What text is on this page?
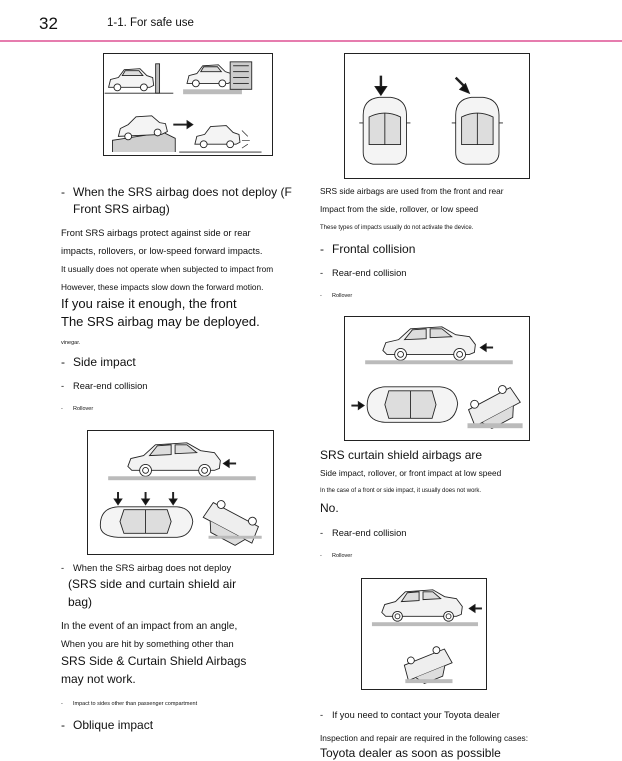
32	1-1. For safe use
- When the SRS airbag does not deploy (F
Front SRS airbag)
Front SRS airbags protect against side or rear
impacts, rollovers, or low-speed forward impacts.
It usually does not operate when subjected to impact from
However, these impacts slow down the forward motion.
If you raise it enough, the front
The SRS airbag may be deployed.
vinegar.
- Side impact
- Rear-end collision
- Rollover
- When the SRS airbag does not deploy
(SRS side and curtain shield air
bag)
In the event of an impact from an angle,
When you are hit by something other than
SRS Side & Curtain Shield Airbags
may not work.
- Impact to sides other than passenger compartment
- Oblique impact
SRS side airbags are used from the front and rear
Impact from the side, rollover, or low speed
These types of impacts usually do not activate the device.
- Frontal collision
- Rear-end collision
- Rollover
SRS curtain shield airbags are
Side impact, rollover, or front impact at low speed
In the case of a front or side impact, it usually does not work.
No.
- Rear-end collision
- Rollover
- If you need to contact your Toyota dealer
Inspection and repair are required in the following cases:
Toyota dealer as soon as possible
